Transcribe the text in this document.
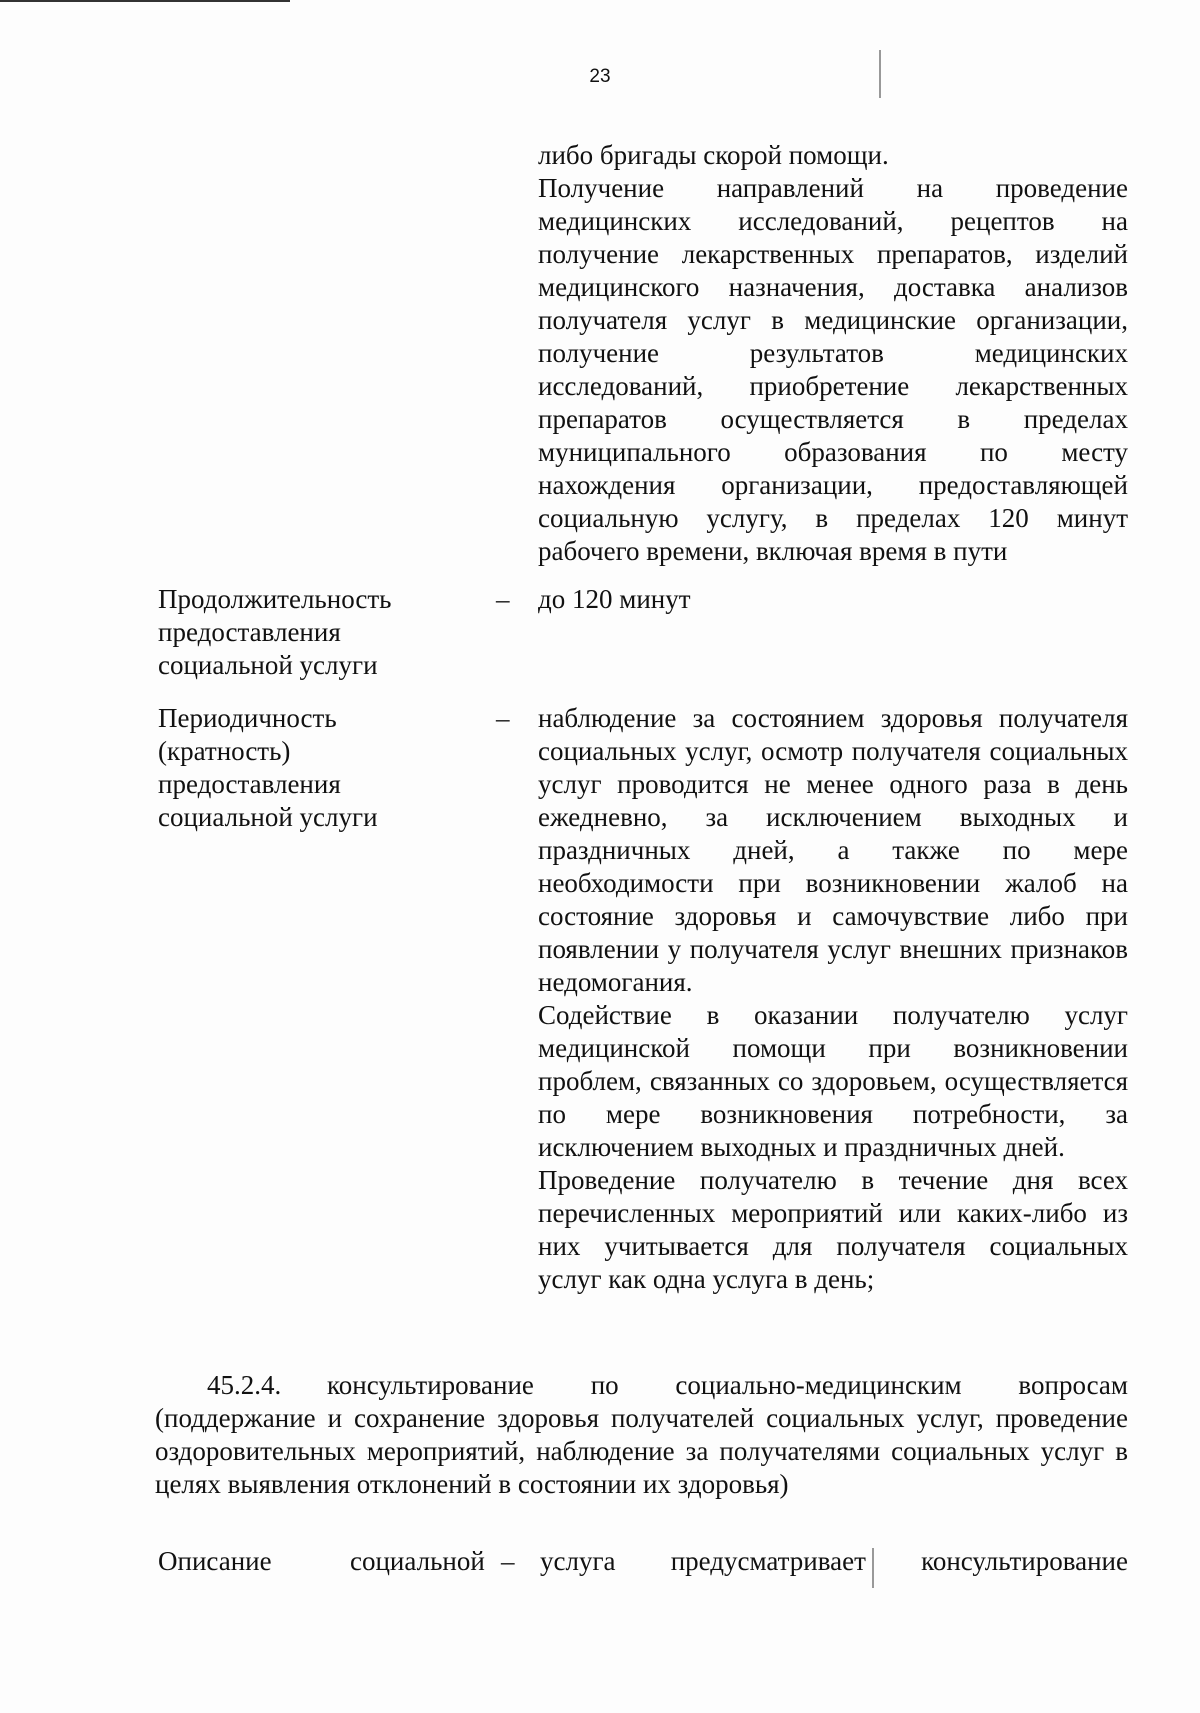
23

либо бригады скорой помощи.

Получение направлений на проведение медицинских исследований, рецептов на получение лекарственных препаратов, изделий медицинского назначения, доставка анализов получателя услуг в медицинские организации, получение результатов медицинских исследований, приобретение лекарственных препаратов осуществляется в пределах муниципального образования по месту нахождения организации, предоставляющей социальную услугу, в пределах 120 минут рабочего времени, включая время в пути

Продолжительность предоставления социальной услуги
– до 120 минут

Периодичность (кратность) предоставления социальной услуги
– наблюдение за состоянием здоровья получателя социальных услуг, осмотр получателя социальных услуг проводится не менее одного раза в день ежедневно, за исключением выходных и праздничных дней, а также по мере необходимости при возникновении жалоб на состояние здоровья и самочувствие либо при появлении у получателя услуг внешних признаков недомогания.

Содействие в оказании получателю услуг медицинской помощи при возникновении проблем, связанных со здоровьем, осуществляется по мере возникновения потребности, за исключением выходных и праздничных дней.

Проведение получателю в течение дня всех перечисленных мероприятий или каких-либо из них учитывается для получателя социальных услуг как одна услуга в день;

45.2.4. консультирование по социально-медицинским вопросам (поддержание и сохранение здоровья получателей социальных услуг, проведение оздоровительных мероприятий, наблюдение за получателями социальных услуг в целях выявления отклонений в состоянии их здоровья)
Описание	социальной – услуга предусматривает консультирование
